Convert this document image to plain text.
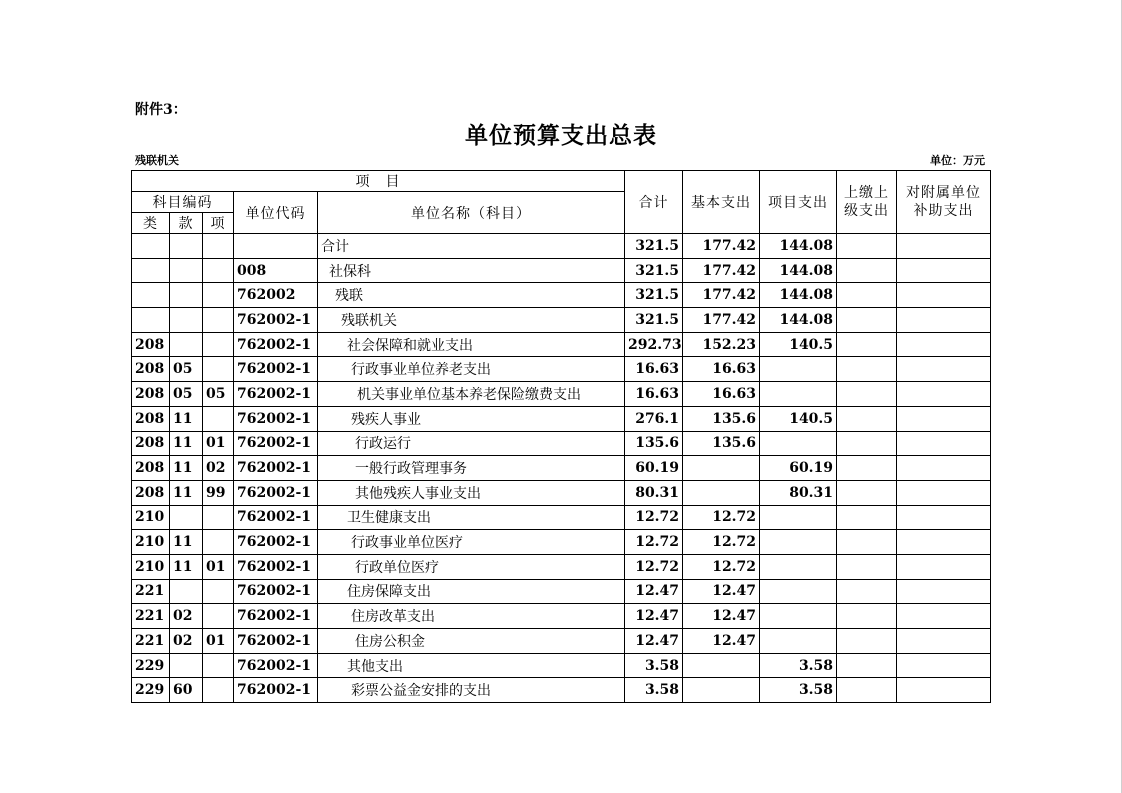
附件3：
单位预算支出总表
残联机关	单位：万元
项　目					合计	基本支出	项目支出	上缴上级支出	对附属单位补助支出
科目编码			单位代码	单位名称（科目）					
类	款	项							
				合计	321.5	177.42	144.08		
			008	社保科	321.5	177.42	144.08		
			762002	残联	321.5	177.42	144.08		
			762002-1	残联机关	321.5	177.42	144.08		
208			762002-1	社会保障和就业支出	292.73	152.23	140.5		
208	05		762002-1	行政事业单位养老支出	16.63	16.63			
208	05	05	762002-1	机关事业单位基本养老保险缴费支出	16.63	16.63			
208	11		762002-1	残疾人事业	276.1	135.6	140.5		
208	11	01	762002-1	行政运行	135.6	135.6			
208	11	02	762002-1	一般行政管理事务	60.19		60.19		
208	11	99	762002-1	其他残疾人事业支出	80.31		80.31		
210			762002-1	卫生健康支出	12.72	12.72			
210	11		762002-1	行政事业单位医疗	12.72	12.72			
210	11	01	762002-1	行政单位医疗	12.72	12.72			
221			762002-1	住房保障支出	12.47	12.47			
221	02		762002-1	住房改革支出	12.47	12.47			
221	02	01	762002-1	住房公积金	12.47	12.47			
229			762002-1	其他支出	3.58		3.58		
229	60		762002-1	彩票公益金安排的支出	3.58		3.58		
